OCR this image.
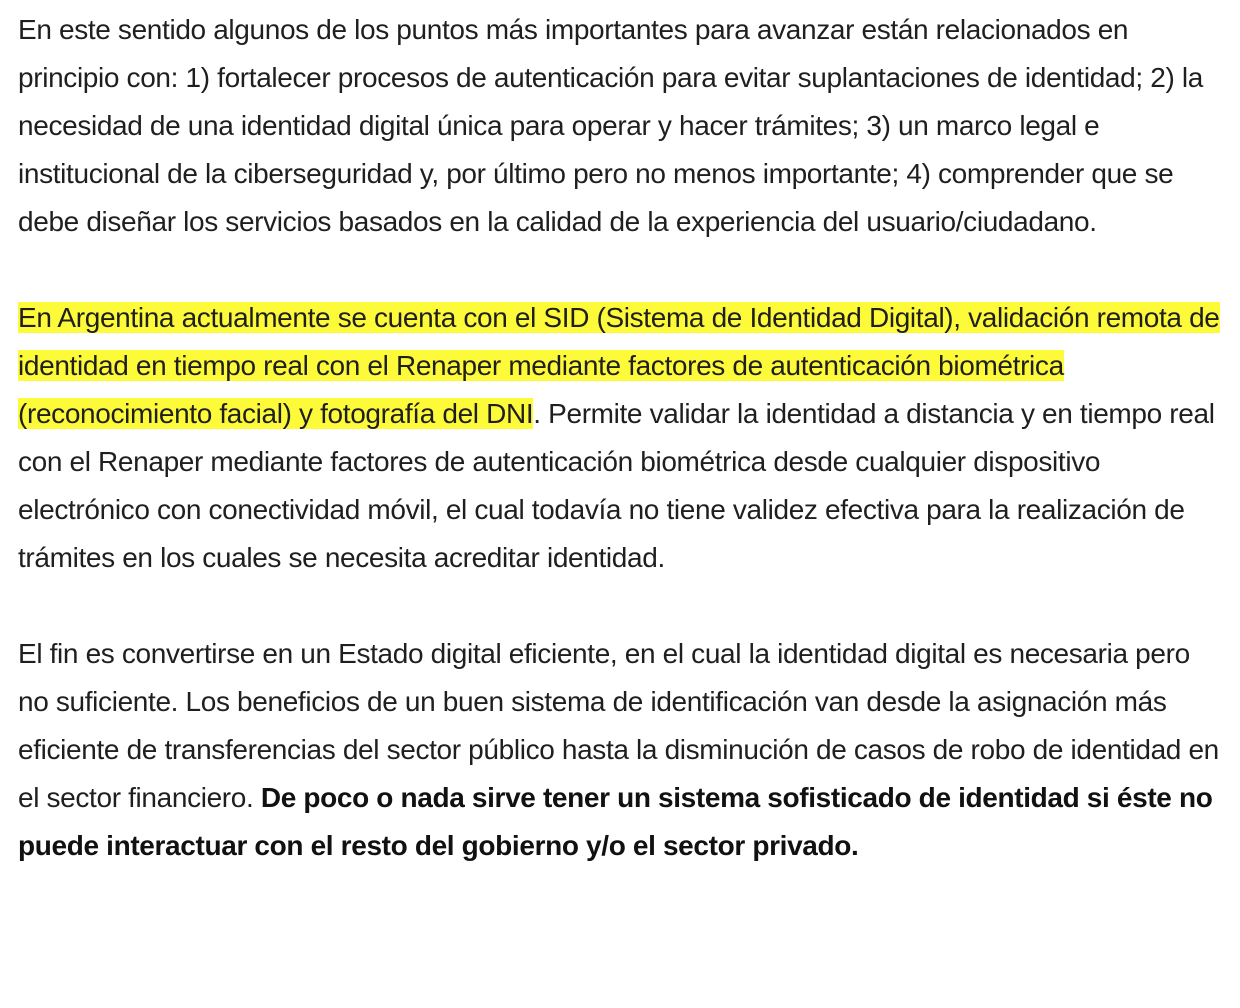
En este sentido algunos de los puntos más importantes para avanzar están relacionados en principio con: 1) fortalecer procesos de autenticación para evitar suplantaciones de identidad; 2) la necesidad de una identidad digital única para operar y hacer trámites; 3) un marco legal e institucional de la ciberseguridad y, por último pero no menos importante; 4) comprender que se debe diseñar los servicios basados en la calidad de la experiencia del usuario/ciudadano.

En Argentina actualmente se cuenta con el SID (Sistema de Identidad Digital), validación remota de identidad en tiempo real con el Renaper mediante factores de autenticación biométrica (reconocimiento facial) y fotografía del DNI. Permite validar la identidad a distancia y en tiempo real con el Renaper mediante factores de autenticación biométrica desde cualquier dispositivo electrónico con conectividad móvil, el cual todavía no tiene validez efectiva para la realización de trámites en los cuales se necesita acreditar identidad.

El fin es convertirse en un Estado digital eficiente, en el cual la identidad digital es necesaria pero no suficiente. Los beneficios de un buen sistema de identificación van desde la asignación más eficiente de transferencias del sector público hasta la disminución de casos de robo de identidad en el sector financiero. De poco o nada sirve tener un sistema sofisticado de identidad si éste no puede interactuar con el resto del gobierno y/o el sector privado.
